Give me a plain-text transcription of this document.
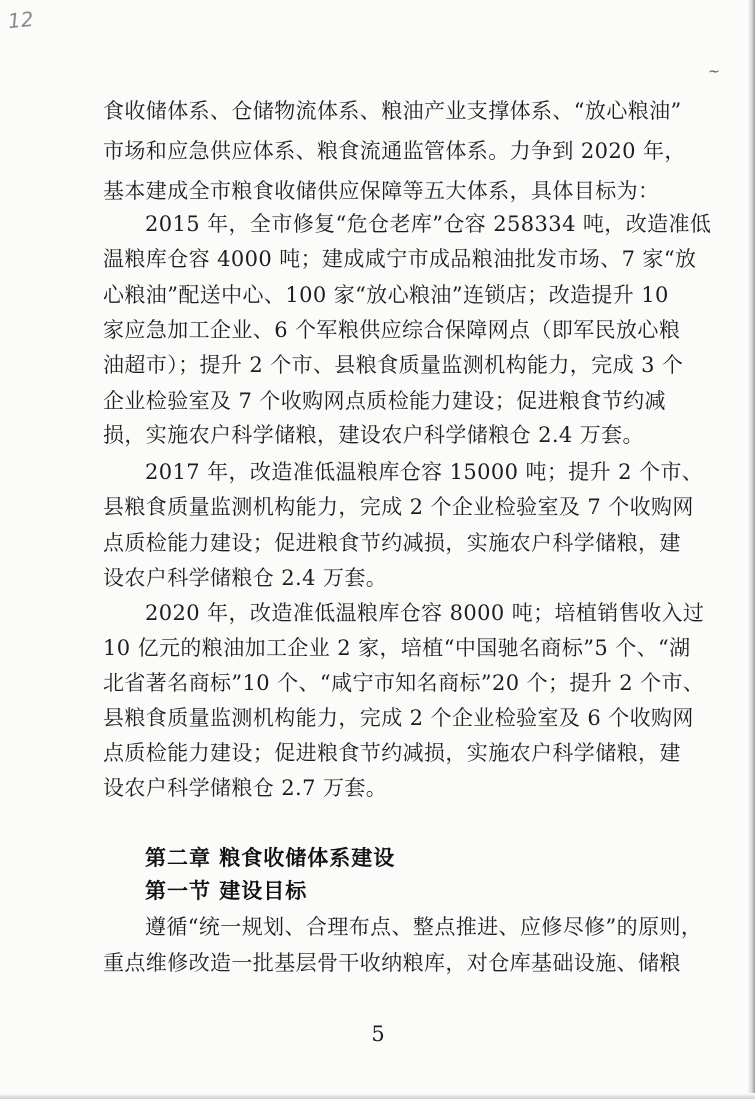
12
~
食收储体系、仓储物流体系、粮油产业支撑体系、“放心粮油”
市场和应急供应体系、粮食流通监管体系。力争到 2020 年，
基本建成全市粮食收储供应保障等五大体系，具体目标为：
2015 年，全市修复“危仓老库”仓容 258334 吨，改造准低
温粮库仓容 4000 吨；建成咸宁市成品粮油批发市场、7 家“放
心粮油”配送中心、100 家“放心粮油”连锁店；改造提升 10
家应急加工企业、6 个军粮供应综合保障网点（即军民放心粮
油超市）；提升 2 个市、县粮食质量监测机构能力，完成 3 个
企业检验室及 7 个收购网点质检能力建设；促进粮食节约减
损，实施农户科学储粮，建设农户科学储粮仓 2.4 万套。
2017 年，改造准低温粮库仓容 15000 吨；提升 2 个市、
县粮食质量监测机构能力，完成 2 个企业检验室及 7 个收购网
点质检能力建设；促进粮食节约减损，实施农户科学储粮，建
设农户科学储粮仓 2.4 万套。
2020 年，改造准低温粮库仓容 8000 吨；培植销售收入过
10 亿元的粮油加工企业 2 家，培植“中国驰名商标”5 个、“湖
北省著名商标”10 个、“咸宁市知名商标”20 个；提升 2 个市、
县粮食质量监测机构能力，完成 2 个企业检验室及 6 个收购网
点质检能力建设；促进粮食节约减损，实施农户科学储粮，建
设农户科学储粮仓 2.7 万套。
第二章 粮食收储体系建设
第一节 建设目标
遵循“统一规划、合理布点、整点推进、应修尽修”的原则，
重点维修改造一批基层骨干收纳粮库，对仓库基础设施、储粮
5
